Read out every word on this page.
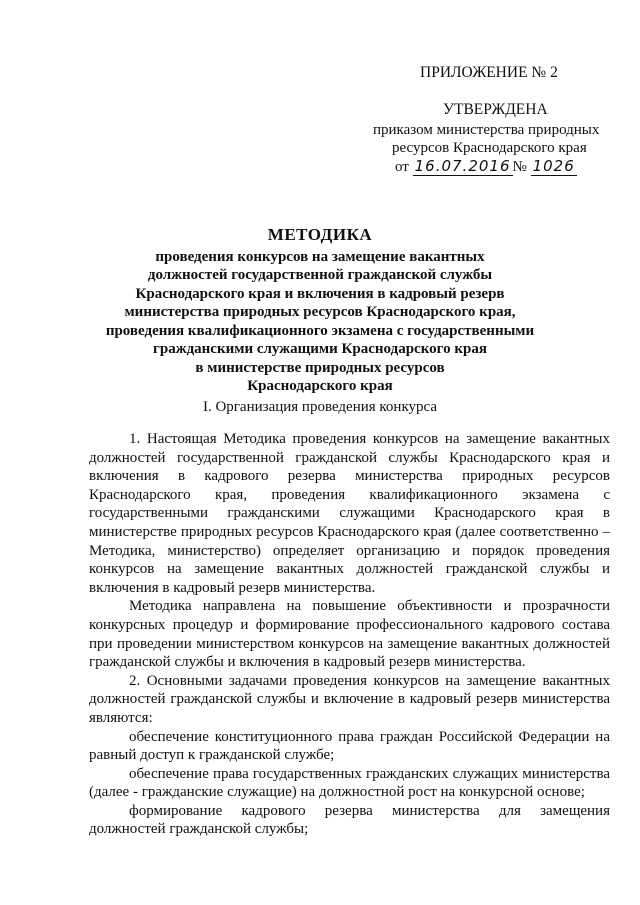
ПРИЛОЖЕНИЕ № 2
УТВЕРЖДЕНА
приказом министерства природных
ресурсов Краснодарского края
от 16.07.2016 № 1026
МЕТОДИКА
проведения конкурсов на замещение вакантных
должностей государственной гражданской службы
Краснодарского края и включения в кадровый резерв
министерства природных ресурсов Краснодарского края,
проведения квалификационного экзамена с государственными
гражданскими служащими Краснодарского края
в министерстве природных ресурсов
Краснодарского края
I. Организация проведения конкурса

1. Настоящая Методика проведения конкурсов на замещение вакантных должностей государственной гражданской службы Краснодарского края и включения в кадрового резерва министерства природных ресурсов Краснодарского края, проведения квалификационного экзамена с государственными гражданскими служащими Краснодарского края в министерстве природных ресурсов Краснодарского края (далее соответственно – Методика, министерство) определяет организацию и порядок проведения конкурсов на замещение вакантных должностей гражданской службы и включения в кадровый резерв министерства.

Методика направлена на повышение объективности и прозрачности конкурсных процедур и формирование профессионального кадрового состава при проведении министерством конкурсов на замещение вакантных должностей гражданской службы и включения в кадровый резерв министерства.

2. Основными задачами проведения конкурсов на замещение вакантных должностей гражданской службы и включение в кадровый резерв министерства являются:

обеспечение конституционного права граждан Российской Федерации на равный доступ к гражданской службе;

обеспечение права государственных гражданских служащих министерства (далее - гражданские служащие) на должностной рост на конкурсной основе;

формирование кадрового резерва министерства для замещения должностей гражданской службы;
